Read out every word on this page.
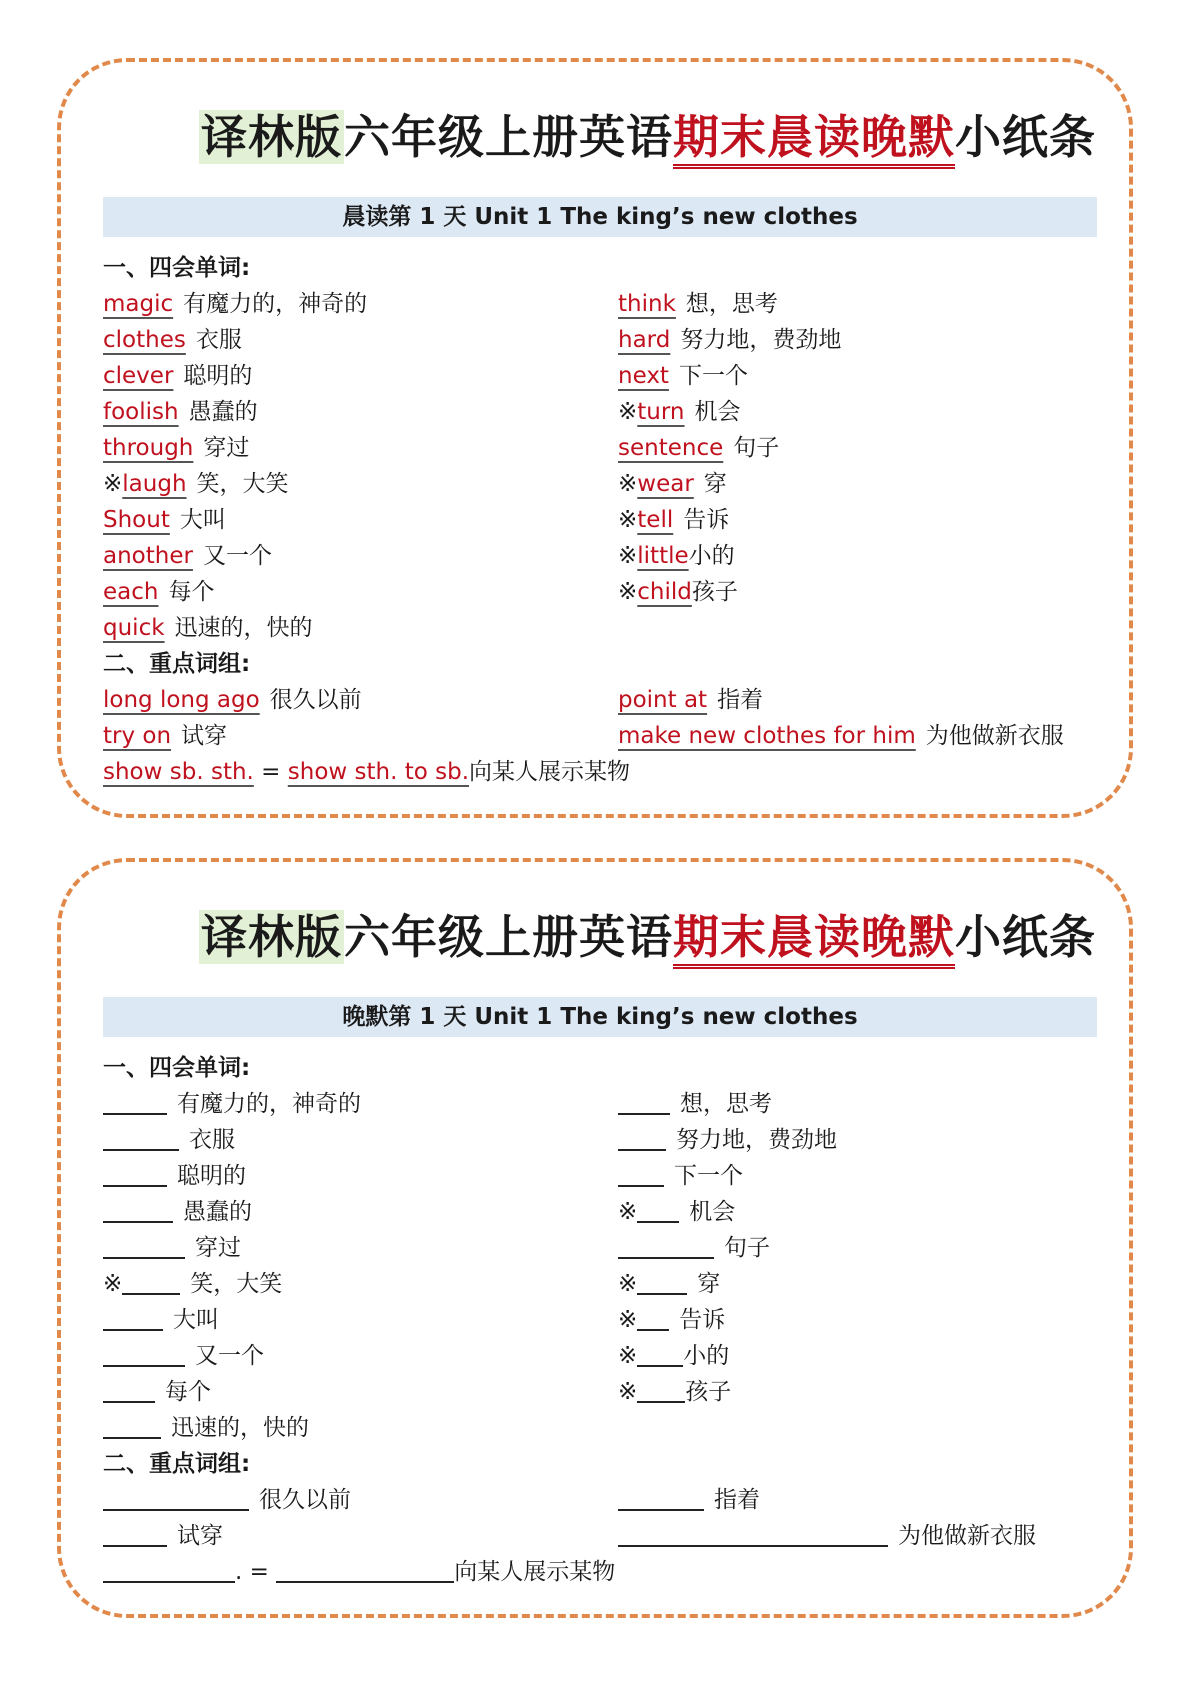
译林版六年级上册英语期末晨读晚默小纸条
晨读第 1 天 Unit 1 The king’s new clothes
一、四会单词:
magic 有魔力的，神奇的	think 想，思考
clothes 衣服	hard 努力地，费劲地
clever 聪明的	next 下一个
foolish 愚蠢的	※turn 机会
through 穿过	sentence 句子
※laugh 笑，大笑	※wear 穿
Shout 大叫	※tell 告诉
another 又一个	※little小的
each 每个	※child孩子
quick 迅速的，快的
二、重点词组:
long long ago 很久以前	point at 指着
try on 试穿	make new clothes for him 为他做新衣服
show sb. sth. = show sth. to sb.向某人展示某物
译林版六年级上册英语期末晨读晚默小纸条
晚默第 1 天 Unit 1 The king’s new clothes
一、四会单词:
有魔力的，神奇的	想，思考
衣服	努力地，费劲地
聪明的	下一个
愚蠢的	※ 机会
穿过	句子
※	笑，大笑	※	穿
大叫	※ 告诉
又一个	※ 小的
每个	※ 孩子
迅速的，快的
二、重点词组:
很久以前	指着
试穿	为他做新衣服
. =	向某人展示某物
